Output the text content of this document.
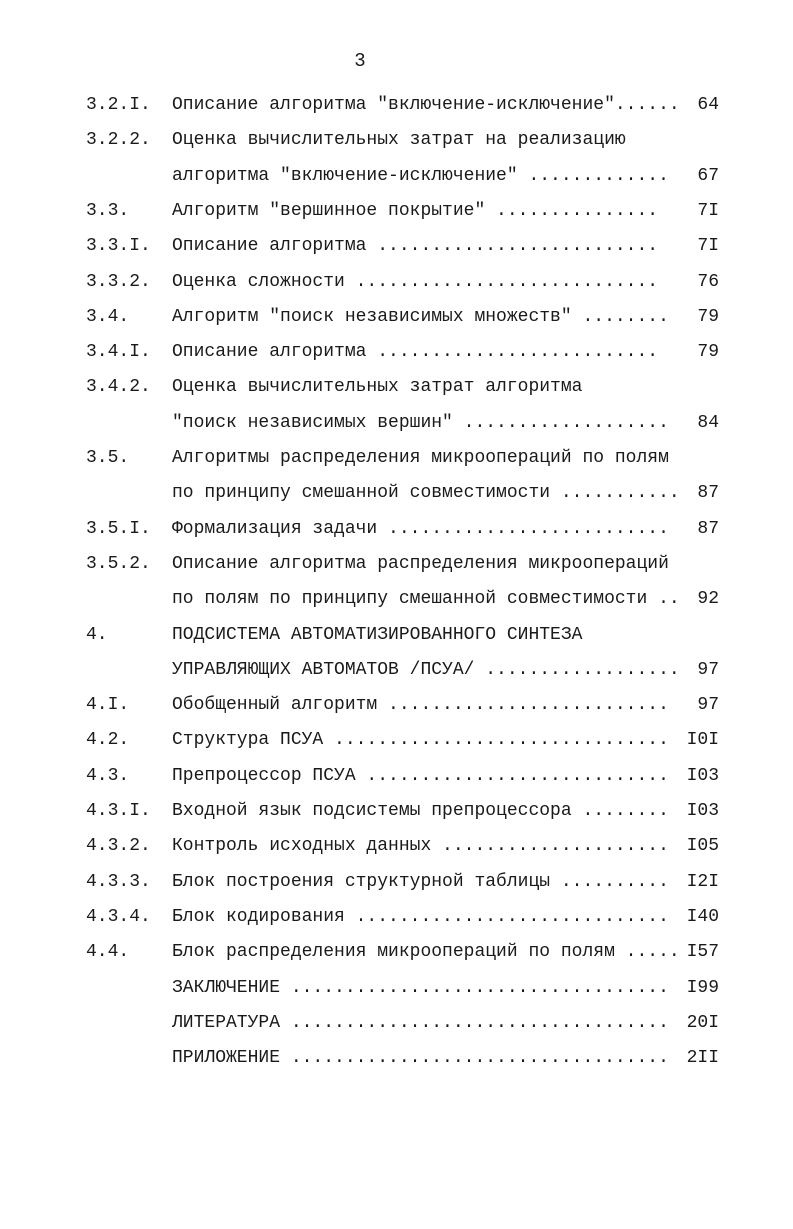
3
3.2.I. Описание алгоритма "включение-исключение"...... 64
3.2.2. Оценка вычислительных затрат на реализацию
алгоритма "включение-исключение" ............. 67
3.3. Алгоритм "вершинное покрытие" ............... 7I
3.3.I. Описание алгоритма .......................... 7I
3.3.2. Оценка сложности ............................ 76
3.4. Алгоритм "поиск независимых множеств" ........ 79
3.4.I. Описание алгоритма .......................... 79
3.4.2. Оценка вычислительных затрат алгоритма
"поиск независимых вершин" ................... 84
3.5. Алгоритмы распределения микроопераций по полям
по принципу смешанной совместимости ........... 87
3.5.I. Формализация задачи .......................... 87
3.5.2. Описание алгоритма распределения микроопераций
по полям по принципу смешанной совместимости .. 92
4.	ПОДСИСТЕМА АВТОМАТИЗИРОВАННОГО СИНТЕЗА
УПРАВЛЯЮЩИХ АВТОМАТОВ /ПСУА/ .................. 97
4.I. Обобщенный алгоритм .......................... 97
4.2. Структура ПСУА ............................... I0I
4.3. Препроцессор ПСУА ............................ I03
4.3.I. Входной язык подсистемы препроцессора ........ I03
4.3.2. Контроль исходных данных ..................... I05
4.3.3. Блок построения структурной таблицы .......... I2I
4.3.4. Блок кодирования ............................. I40
4.4. Блок распределения микроопераций по полям ..... I57
ЗАКЛЮЧЕНИЕ ................................... I99
ЛИТЕРАТУРА ................................... 20I
ПРИЛОЖЕНИЕ ................................... 2II
